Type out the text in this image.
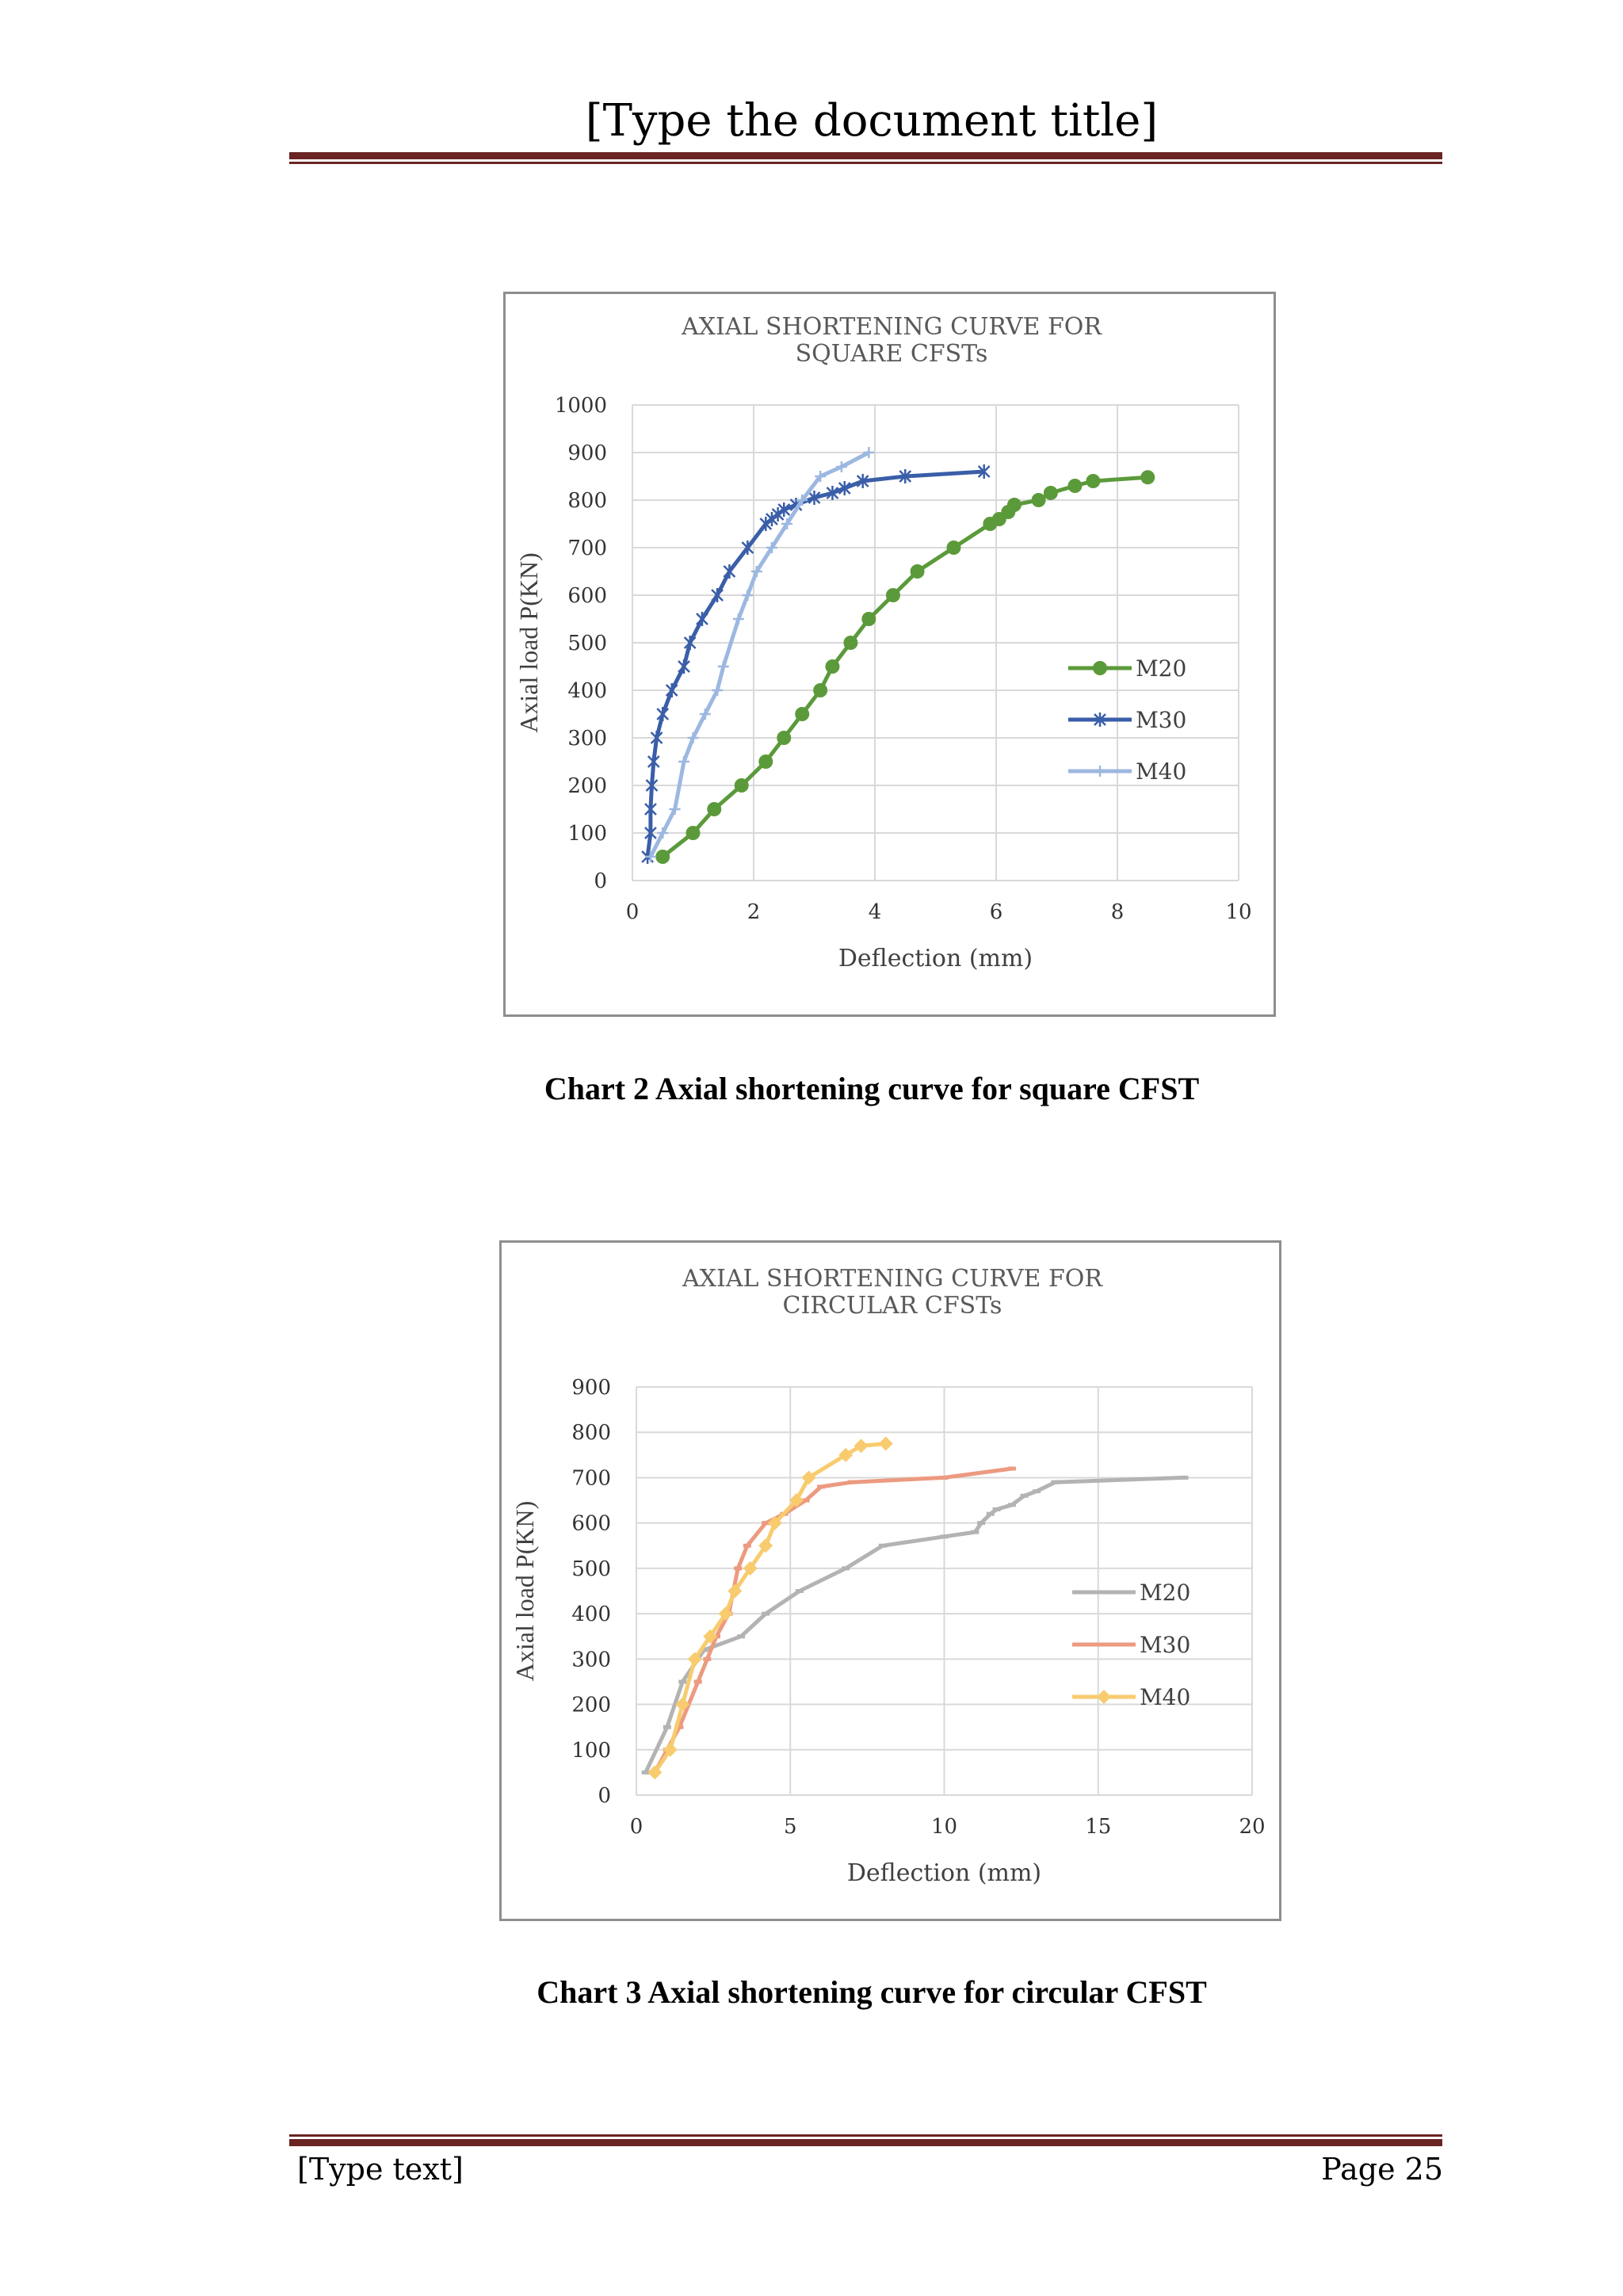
[Type the document title]
AXIAL SHORTENING CURVE FOR
SQUARE CFSTs
0
100
200
300
400
500
600
700
800
900
1000
0	2	4	6	8	10
Deflection (mm)
Axial load P(KN)	M20
M30
M40
Chart 2 Axial shortening curve for square CFST
AXIAL SHORTENING CURVE FOR
CIRCULAR CFSTs
0
100
200
300
400
500
600
700
800
900
0	5	10	15	20
Deflection (mm)
Axial load P(KN)	M20
M30
M40
Chart 3 Axial shortening curve for circular CFST
[Type text]	Page 25
